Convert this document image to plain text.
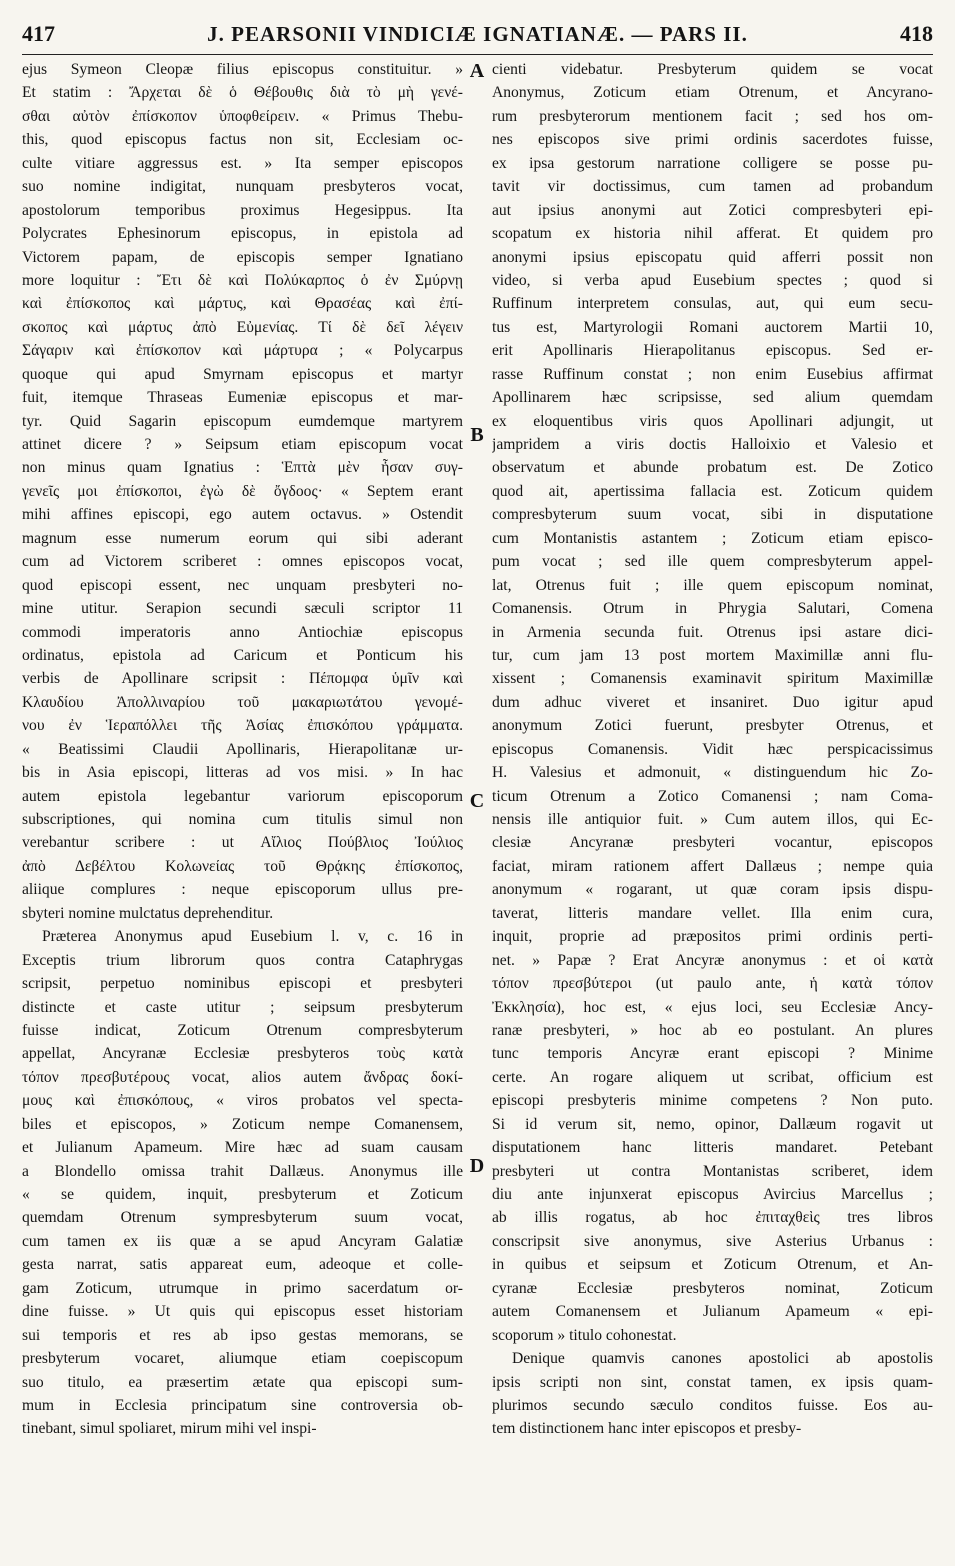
417	J. PEARSONII VINDICIÆ IGNATIANÆ. — PARS II.	418
ejus Symeon Cleopæ filius episcopus constituitur. »
Et statim : Ἄρχεται δὲ ὁ Θέβουθις διὰ τὸ μὴ γενέ-
σθαι αὐτὸν ἐπίσκοπον ὑποφθείρειν. « Primus Thebu-
this, quod episcopus factus non sit, Ecclesiam oc-
culte vitiare aggressus est. » Ita semper episcopos
suo nomine indigitat, nunquam presbyteros vocat,
apostolorum temporibus proximus Hegesippus. Ita
Polycrates Ephesinorum episcopus, in epistola ad
Victorem papam, de episcopis semper Ignatiano
more loquitur : Ἔτι δὲ καὶ Πολύκαρπος ὁ ἐν Σμύρνῃ
καὶ ἐπίσκοπος καὶ μάρτυς, καὶ Θρασέας καὶ ἐπί-
σκοπος καὶ μάρτυς ἀπὸ Εὐμενίας. Τί δὲ δεῖ λέγειν
Σάγαριν καὶ ἐπίσκοπον καὶ μάρτυρα ; « Polycarpus
quoque qui apud Smyrnam episcopus et martyr
fuit, itemque Thraseas Eumeniæ episcopus et mar-
tyr. Quid Sagarin episcopum eumdemque martyrem
attinet dicere ? » Seipsum etiam episcopum vocat
non minus quam Ignatius : Ἑπτὰ μὲν ἦσαν συγ-
γενεῖς μοι ἐπίσκοποι, ἐγὼ δὲ ὄγδοος· « Septem erant
mihi affines episcopi, ego autem octavus. » Ostendit
magnum esse numerum eorum qui sibi aderant
cum ad Victorem scriberet : omnes episcopos vocat,
quod episcopi essent, nec unquam presbyteri no-
mine utitur. Serapion secundi sæculi scriptor 11
commodi imperatoris anno Antiochiæ episcopus
ordinatus, epistola ad Caricum et Ponticum his
verbis de Apollinare scripsit : Πέπομφα ὑμῖν καὶ
Κλαυδίου Ἀπολλιναρίου τοῦ μακαριωτάτου γενομέ-
νου ἐν Ἱεραπόλλει τῆς Ἀσίας ἐπισκόπου γράμματα.
« Beatissimi Claudii Apollinaris, Hierapolitanæ ur-
bis in Asia episcopi, litteras ad vos misi. » In hac
autem epistola legebantur variorum episcoporum
subscriptiones, qui nomina cum titulis simul non
verebantur scribere : ut Αἴλιος Πούβλιος Ἰούλιος
ἀπὸ Δεβέλτου Κολωνείας τοῦ Θρᾴκης ἐπίσκοπος,
aliique complures : neque episcoporum ullus pre-
sbyteri nomine mulctatus deprehenditur.
Præterea Anonymus apud Eusebium l. v, c. 16 in
Exceptis trium librorum quos contra Cataphrygas
scripsit, perpetuo nominibus episcopi et presbyteri
distincte et caste utitur ; seipsum presbyterum
fuisse indicat, Zoticum Otrenum compresbyterum
appellat, Ancyranæ Ecclesiæ presbyteros τοὺς κατὰ
τόπον πρεσβυτέρους vocat, alios autem ἄνδρας δοκί-
μους καὶ ἐπισκόπους, « viros probatos vel specta-
biles et episcopos, » Zoticum nempe Comanensem,
et Julianum Apameum. Mire hæc ad suam causam
a Blondello omissa trahit Dallæus. Anonymus ille
« se quidem, inquit, presbyterum et Zoticum
quemdam Otrenum sympresbyterum suum vocat,
cum tamen ex iis quæ a se apud Ancyram Galatiæ
gesta narrat, satis appareat eum, adeoque et colle-
gam Zoticum, utrumque in primo sacerdatum or-
dine fuisse. » Ut quis qui episcopus esset historiam
sui temporis et res ab ipso gestas memorans, se
presbyterum vocaret, aliumque etiam coepiscopum
suo titulo, ea præsertim ætate qua episcopi sum-
mum in Ecclesia principatum sine controversia ob-
tinebant, simul spoliaret, mirum mihi vel inspi-
A
B
C
D
cienti videbatur. Presbyterum quidem se vocat
Anonymus, Zoticum etiam Otrenum, et Ancyrano-
rum presbyterorum mentionem facit ; sed hos om-
nes episcopos sive primi ordinis sacerdotes fuisse,
ex ipsa gestorum narratione colligere se posse pu-
tavit vir doctissimus, cum tamen ad probandum
aut ipsius anonymi aut Zotici compresbyteri epi-
scopatum ex historia nihil afferat. Et quidem pro
anonymi ipsius episcopatu quid afferri possit non
video, si verba apud Eusebium spectes ; quod si
Ruffinum interpretem consulas, aut, qui eum secu-
tus est, Martyrologii Romani auctorem Martii 10,
erit Apollinaris Hierapolitanus episcopus. Sed er-
rasse Ruffinum constat ; non enim Eusebius affirmat
Apollinarem hæc scripsisse, sed alium quemdam
ex eloquentibus viris quos Apollinari adjungit, ut
jampridem a viris doctis Halloixio et Valesio et
observatum et abunde probatum est. De Zotico
quod ait, apertissima fallacia est. Zoticum quidem
compresbyterum suum vocat, sibi in disputatione
cum Montanistis astantem ; Zoticum etiam episco-
pum vocat ; sed ille quem compresbyterum appel-
lat, Otrenus fuit ; ille quem episcopum nominat,
Comanensis. Otrum in Phrygia Salutari, Comena
in Armenia secunda fuit. Otrenus ipsi astare dici-
tur, cum jam 13 post mortem Maximillæ anni flu-
xissent ; Comanensis examinavit spiritum Maximillæ
dum adhuc viveret et insaniret. Duo igitur apud
anonymum Zotici fuerunt, presbyter Otrenus, et
episcopus Comanensis. Vidit hæc perspicacissimus
H. Valesius et admonuit, « distinguendum hic Zo-
ticum Otrenum a Zotico Comanensi ; nam Coma-
nensis ille antiquior fuit. » Cum autem illos, qui Ec-
clesiæ Ancyranæ presbyteri vocantur, episcopos
faciat, miram rationem affert Dallæus ; nempe quia
anonymum « rogarant, ut quæ coram ipsis dispu-
taverat, litteris mandare vellet. Illa enim cura,
inquit, proprie ad præpositos primi ordinis perti-
net. » Papæ ? Erat Ancyræ anonymus : et οἱ κατὰ
τόπον πρεσβύτεροι (ut paulo ante, ἡ κατὰ τόπον
Ἐκκλησία), hoc est, « ejus loci, seu Ecclesiæ Ancy-
ranæ presbyteri, » hoc ab eo postulant. An plures
tunc temporis Ancyræ erant episcopi ? Minime
certe. An rogare aliquem ut scribat, officium est
episcopi presbyteris minime competens ? Non puto.
Si id verum sit, nemo, opinor, Dallæum rogavit ut
disputationem hanc litteris mandaret. Petebant
presbyteri ut contra Montanistas scriberet, idem
diu ante injunxerat episcopus Avircius Marcellus ;
ab illis rogatus, ab hoc ἐπιταχθεὶς tres libros
conscripsit sive anonymus, sive Asterius Urbanus :
in quibus et seipsum et Zoticum Otrenum, et An-
cyranæ Ecclesiæ presbyteros nominat, Zoticum
autem Comanensem et Julianum Apameum « epi-
scoporum » titulo cohonestat.
Denique quamvis canones apostolici ab apostolis
ipsis scripti non sint, constat tamen, ex ipsis quam-
plurimos secundo sæculo conditos fuisse. Eos au-
tem distinctionem hanc inter episcopos et presby-
